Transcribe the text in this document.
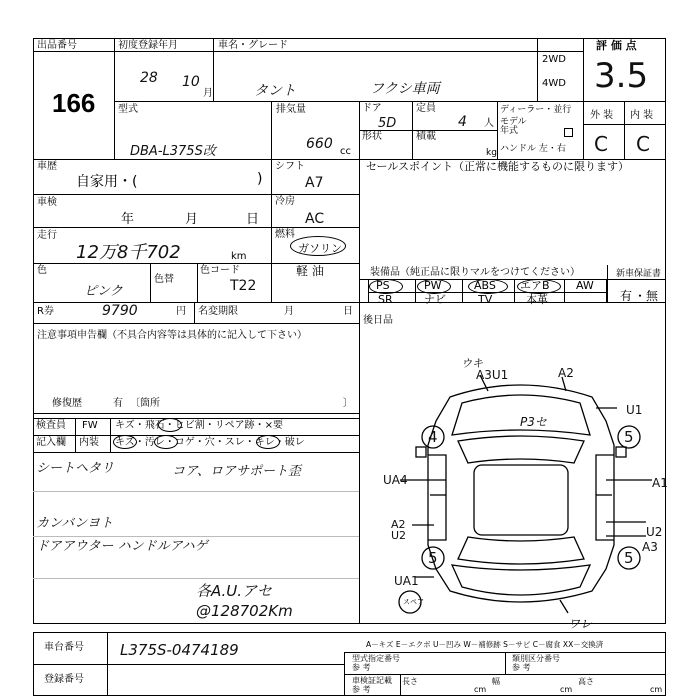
出品番号
166
初度登録年月
28 10
月
車名・グレード
タント	フクシ車両
2WD
4WD
評 価 点
3.5
外 装 内 装
C C
型式
DBA-L375S改
排気量
660 cc
ドア
5D
形状
定員
4 人
積載
kg
ディーラー・並行
モデル
年式
ハンドル 左・右
車歴
自家用・(	)
車検
年	月	日
走行
12万8千702	km
色
ピンク
色替
色コード
T22
R券	9790	円 名変期限	月	日
シフト
A7
冷房
AC
燃料
ガソリン
軽 油
セールスポイント（正常に機能するものに限ります）
装備品（純正品に限りマルをつけてください）	新車保証書
有 ・ 無
PS	PW	ABS エアB AW
SR	ナビ	TV	本革
後日品
注意事項申告欄（不具合内容等は具体的に記入して下さい）
修復歴	有 〔箇所	〕
検査員
記入欄
FW
内装
キズ・飛石・ヒビ割・リペア跡・×要
キズ・汚レ・コゲ・穴・スレ・キレ・破レ
シートヘタリ	コア、ロアサポート歪
カンバンヨト
ドアアウター ハンドルアハゲ
各A.U.アセ
@128702Km
ウキ
A3U1	A2
P3セ
U1
A1
U2
A3
UA4
A2
U2
UA1
ワレ
スペア
4	5
5	5
A－キズ E－エクボ U－凹み W－補修跡 S－サビ C－腐食 XX－交換済
車台番号 L375S-0474189
登録番号
型式指定番号
参 考
類別区分番号
参 考
車検証記載
参 考
長さ
cm
幅
cm
高さ
cm
